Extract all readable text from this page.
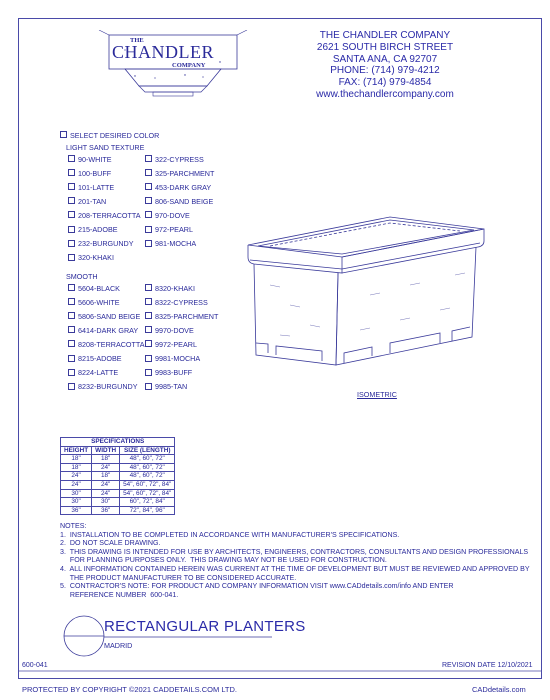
THE
CHANDLER
COMPANY
THE CHANDLER COMPANY
2621 SOUTH BIRCH STREET
SANTA ANA, CA 92707
PHONE: (714) 979-4212
FAX: (714) 979-4854
www.thechandlercompany.com
SELECT DESIRED COLOR
LIGHT SAND TEXTURE
SMOOTH
90-WHITE
100-BUFF
101-LATTE
201-TAN
208-TERRACOTTA
215-ADOBE
232-BURGUNDY
320-KHAKI
322-CYPRESS
325-PARCHMENT
453-DARK GRAY
806-SAND BEIGE
970-DOVE
972-PEARL
981-MOCHA
5604-BLACK
5606-WHITE
5806-SAND BEIGE
6414-DARK GRAY
8208-TERRACOTTA
8215-ADOBE
8224-LATTE
8232-BURGUNDY
8320-KHAKI
8322-CYPRESS
8325-PARCHMENT
9970-DOVE
9972-PEARL
9981-MOCHA
9983-BUFF
9985-TAN
ISOMETRIC
SPECIFICATIONS		
HEIGHT	WIDTH	SIZE (LENGTH)
18"	18"	48", 60", 72"
18"	24"	48", 60", 72"
24"	18"	48", 60", 72"
24"	24"	54", 60", 72", 84"
30"	24"	54", 60", 72", 84"
30"	30"	60", 72", 84"
36"	36"	72", 84", 96"
NOTES:
1.  INSTALLATION TO BE COMPLETED IN ACCORDANCE WITH MANUFACTURER'S SPECIFICATIONS.
2.  DO NOT SCALE DRAWING.
3.  THIS DRAWING IS INTENDED FOR USE BY ARCHITECTS, ENGINEERS, CONTRACTORS, CONSULTANTS AND DESIGN PROFESSIONALS
FOR PLANNING PURPOSES ONLY.  THIS DRAWING MAY NOT BE USED FOR CONSTRUCTION.
4.  ALL INFORMATION CONTAINED HEREIN WAS CURRENT AT THE TIME OF DEVELOPMENT BUT MUST BE REVIEWED AND APPROVED BY
THE PRODUCT MANUFACTURER TO BE CONSIDERED ACCURATE.
5.  CONTRACTOR'S NOTE: FOR PRODUCT AND COMPANY INFORMATION VISIT www.CADdetails.com/info AND ENTER
REFERENCE NUMBER  600-041.
RECTANGULAR PLANTERS
MADRID
600-041	REVISION DATE 12/10/2021
PROTECTED BY COPYRIGHT ©2021 CADDETAILS.COM LTD.	CADdetails.com
